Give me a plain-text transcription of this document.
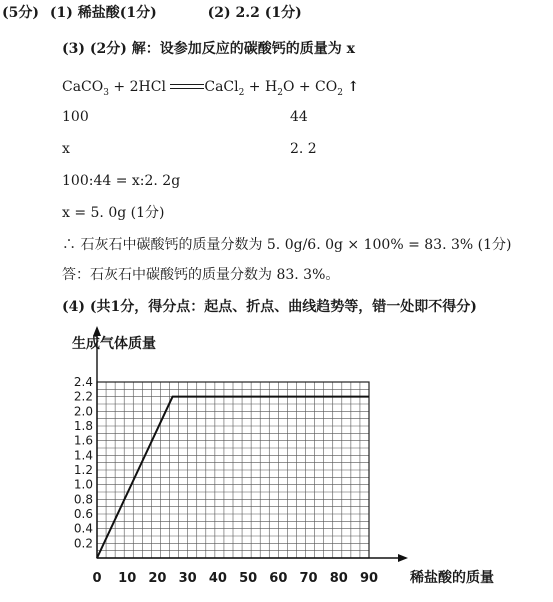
(5分) (1) 稀盐酸(1分)	(2) 2.2 (1分)
(3) (2分) 解：设参加反应的碳酸钙的质量为 x
CaCO$_3$ + 2HCl	CaCl$_2$ + $H_2O + CO_2$ ↑
100	44
x	2. 2
100:44 = x:2. 2g
x = 5. 0g (1分)
∴ 石灰石中碳酸钙的质量分数为 5. 0g/6. 0g × 100% = 83. 3% (1分)
答：石灰石中碳酸钙的质量分数为 83. 3%。
(4) (共1分，得分点：起点、折点、曲线趋势等，错一处即不得分)
生成气体质量
稀盐酸的质量
0.2
0.4
0.6
0.8
1.0
1.2
1.4
1.6
1.8
2.0
2.2
2.4
0 10 20 30 40 50 60 70 80 90
